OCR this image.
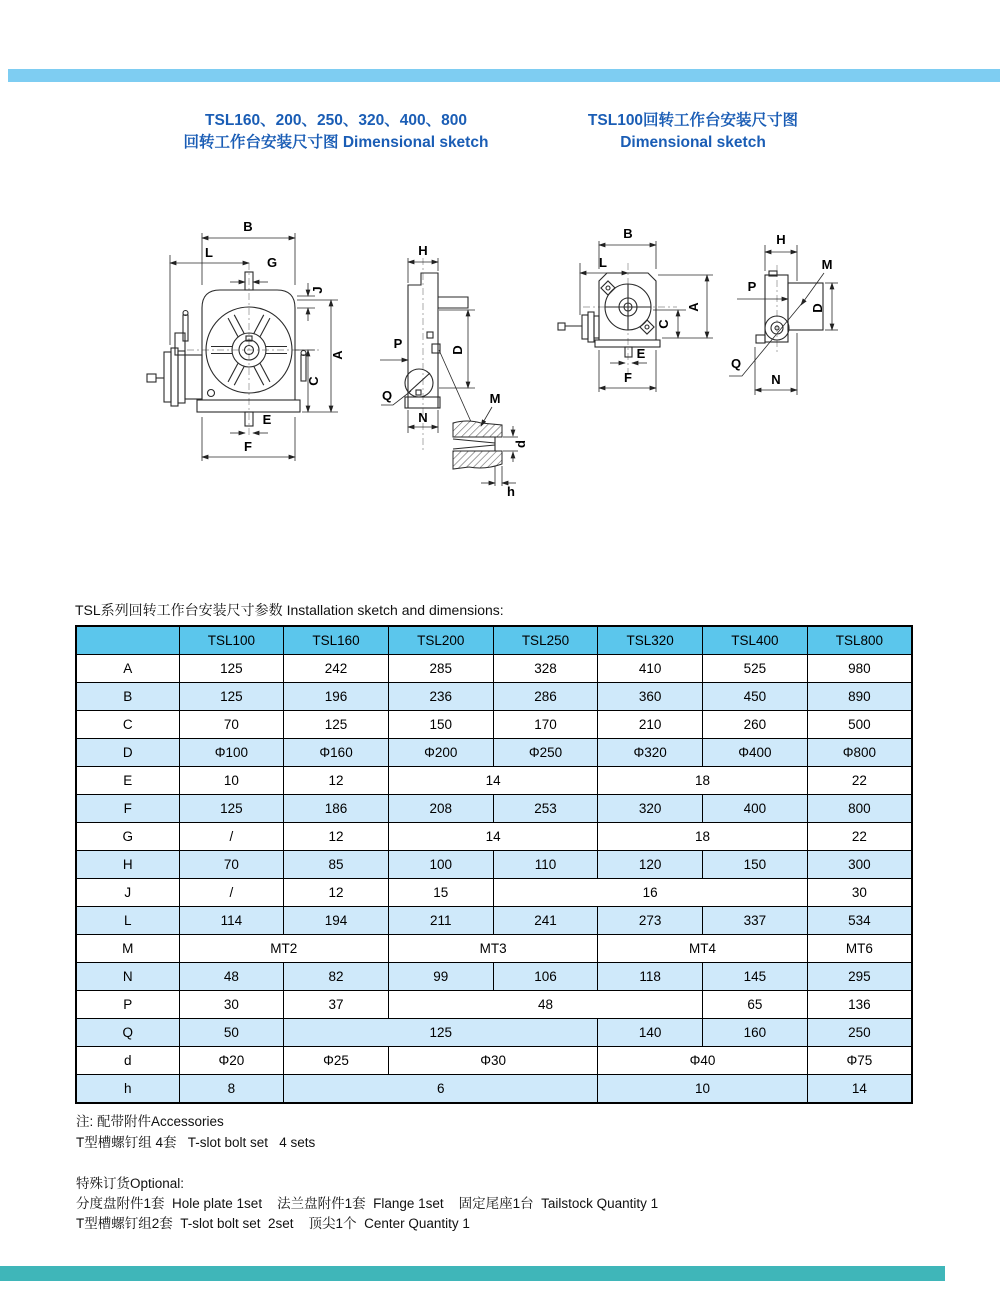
TSL160、200、250、320、400、800
回转工作台安装尺寸图 Dimensional sketch
TSL100回转工作台安装尺寸图
Dimensional sketch
B
L
G
J
A
C
E
F
H
D
P
Q
N
M
d
h
B
L
A
C
E
F
H
M
P
D
Q
N
TSL系列回转工作台安装尺寸参数 Installation sketch and dimensions:
	TSL100	TSL160	TSL200	TSL250	TSL320	TSL400	TSL800
A	125	242	285	328	410	525	980
B	125	196	236	286	360	450	890
C	70	125	150	170	210	260	500
D	Φ100	Φ160	Φ200	Φ250	Φ320	Φ400	Φ800
E	10	12	14		18		22
F	125	186	208	253	320	400	800
G	/	12	14		18		22
H	70	85	100	110	120	150	300
J	/	12	15	16			30
L	114	194	211	241	273	337	534
M	MT2		MT3		MT4		MT6
N	48	82	99	106	118	145	295
P	30	37	48			65	136
Q	50	125			140	160	250
d	Φ20	Φ25	Φ30		Φ40		Φ75
h	8	6			10		14
注: 配带附件Accessories
T型槽螺钉组 4套   T-slot bolt set   4 sets
特殊订货Optional:
分度盘附件1套  Hole plate 1set    法兰盘附件1套  Flange 1set    固定尾座1台  Tailstock Quantity 1
T型槽螺钉组2套  T-slot bolt set  2set    顶尖1个  Center Quantity 1
